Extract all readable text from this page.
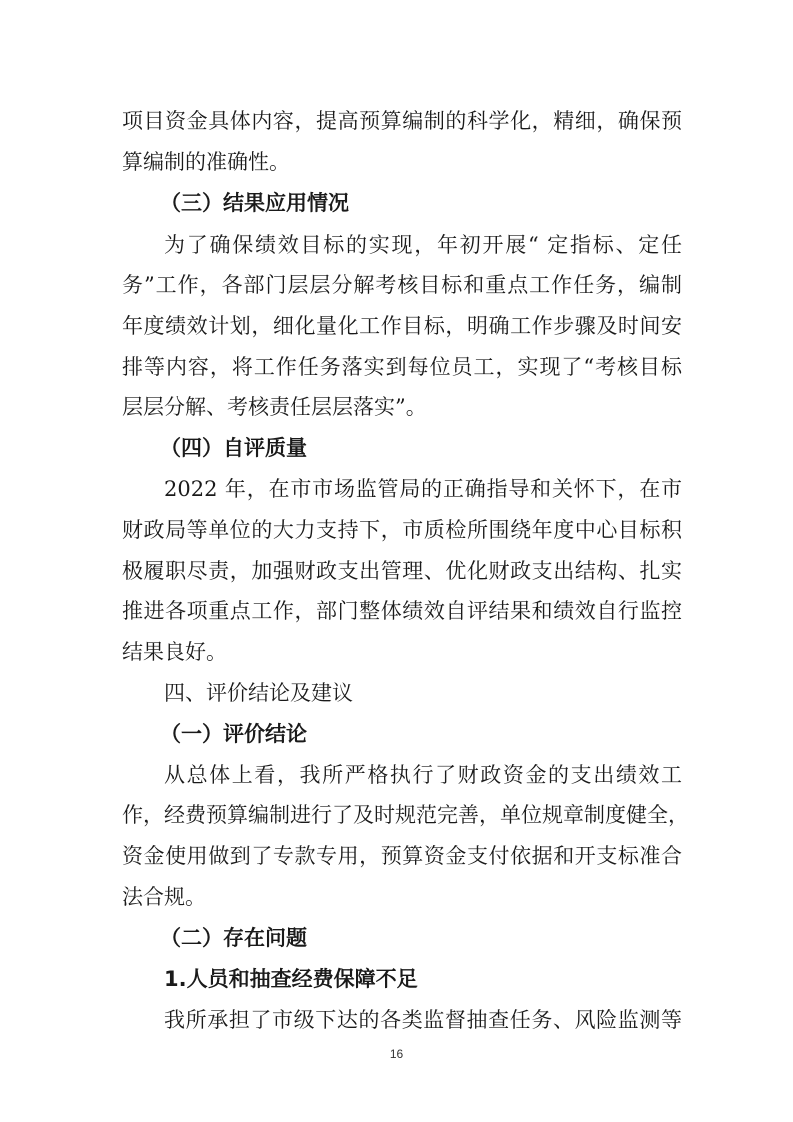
项目资金具体内容，提高预算编制的科学化，精细，确保预

算编制的准确性。

（三）结果应用情况

为了确保绩效目标的实现，年初开展“ 定指标、定任

务”工作，各部门层层分解考核目标和重点工作任务，编制

年度绩效计划，细化量化工作目标，明确工作步骤及时间安

排等内容，将工作任务落实到每位员工，实现了“考核目标

层层分解、考核责任层层落实”。

（四）自评质量

2022 年，在市市场监管局的正确指导和关怀下，在市

财政局等单位的大力支持下，市质检所围绕年度中心目标积

极履职尽责，加强财政支出管理、优化财政支出结构、扎实

推进各项重点工作，部门整体绩效自评结果和绩效自行监控

结果良好。

四、评价结论及建议

（一）评价结论

从总体上看，我所严格执行了财政资金的支出绩效工

作，经费预算编制进行了及时规范完善，单位规章制度健全，

资金使用做到了专款专用，预算资金支付依据和开支标准合

法合规。

（二）存在问题

1.人员和抽查经费保障不足

我所承担了市级下达的各类监督抽查任务、风险监测等

16
